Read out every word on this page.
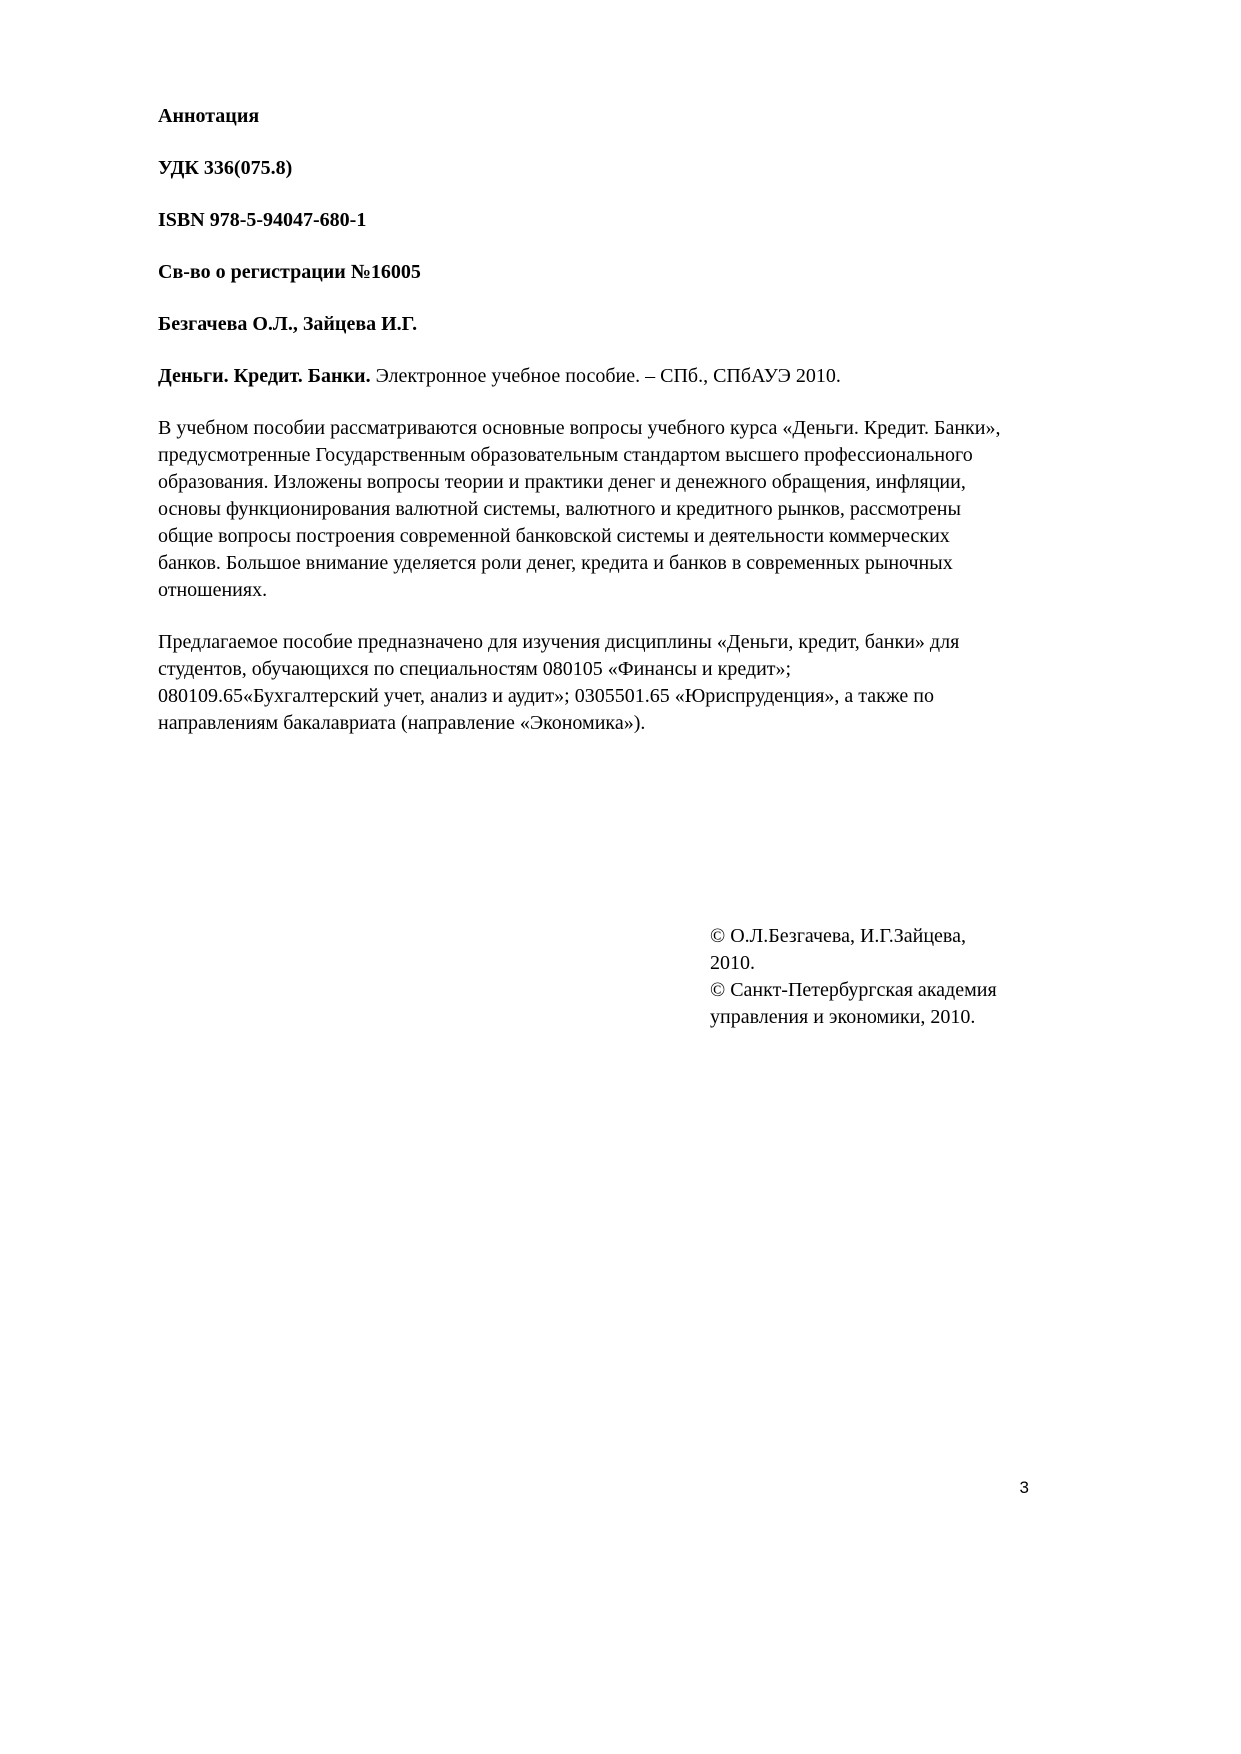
Аннотация
УДК 336(075.8)
ISBN 978-5-94047-680-1
Св-во о регистрации №16005
Безгачева О.Л., Зайцева И.Г.

Деньги. Кредит. Банки. Электронное учебное пособие. – СПб., СПбАУЭ 2010.

В учебном пособии рассматриваются основные вопросы учебного курса «Деньги. Кредит. Банки», предусмотренные Государственным образовательным стандартом высшего профессионального образования. Изложены вопросы теории и практики денег и денежного обращения, инфляции, основы функционирования валютной системы, валютного и кредитного рынков, рассмотрены общие вопросы построения современной банковской системы и деятельности коммерческих банков. Большое внимание уделяется роли денег, кредита и банков в современных рыночных отношениях.

Предлагаемое пособие предназначено для изучения дисциплины «Деньги, кредит, банки» для студентов, обучающихся по специальностям 080105 «Финансы и кредит»; 080109.65«Бухгалтерский учет, анализ и аудит»; 0305501.65 «Юриспруденция», а также по направлениям бакалавриата (направление «Экономика»).

© О.Л.Безгачева, И.Г.Зайцева, 2010.
© Санкт-Петербургская академия управления и экономики, 2010.
3
